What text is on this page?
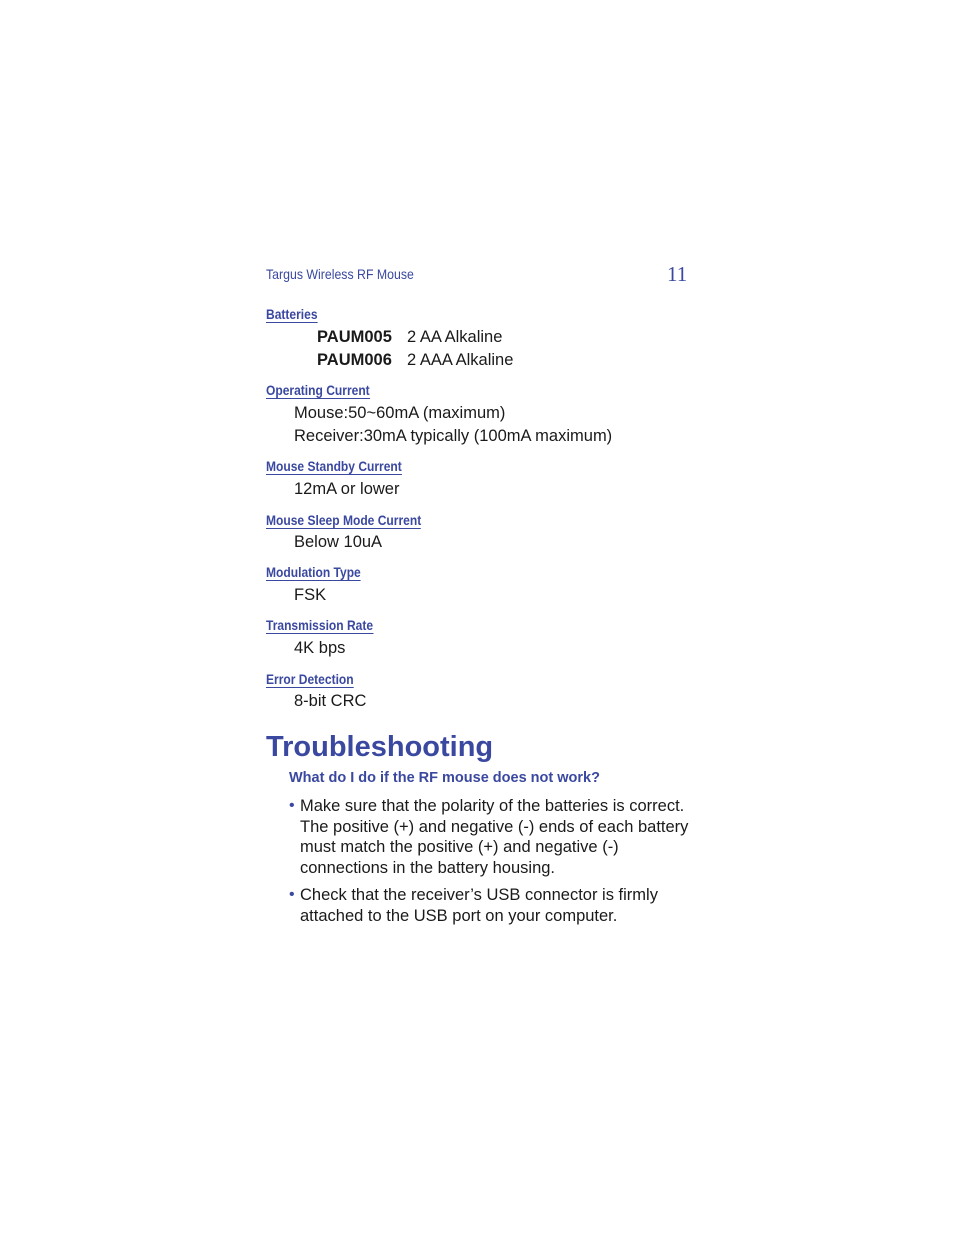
Targus Wireless RF Mouse	11
Batteries
PAUM005 2 AA Alkaline
PAUM006 2 AAA Alkaline
Operating Current
Mouse:50~60mA (maximum)
Receiver:30mA typically (100mA maximum)
Mouse Standby Current
12mA or lower
Mouse Sleep Mode Current
Below 10uA
Modulation Type
FSK
Transmission Rate
4K bps
Error Detection
8-bit CRC
Troubleshooting
What do I do if the RF mouse does not work?
• Make sure that the polarity of the batteries is correct. The positive (+) and negative (-) ends of each battery must match the positive (+) and negative (-) connections in the battery housing.
• Check that the receiver’s USB connector is firmly attached to the USB port on your computer.
